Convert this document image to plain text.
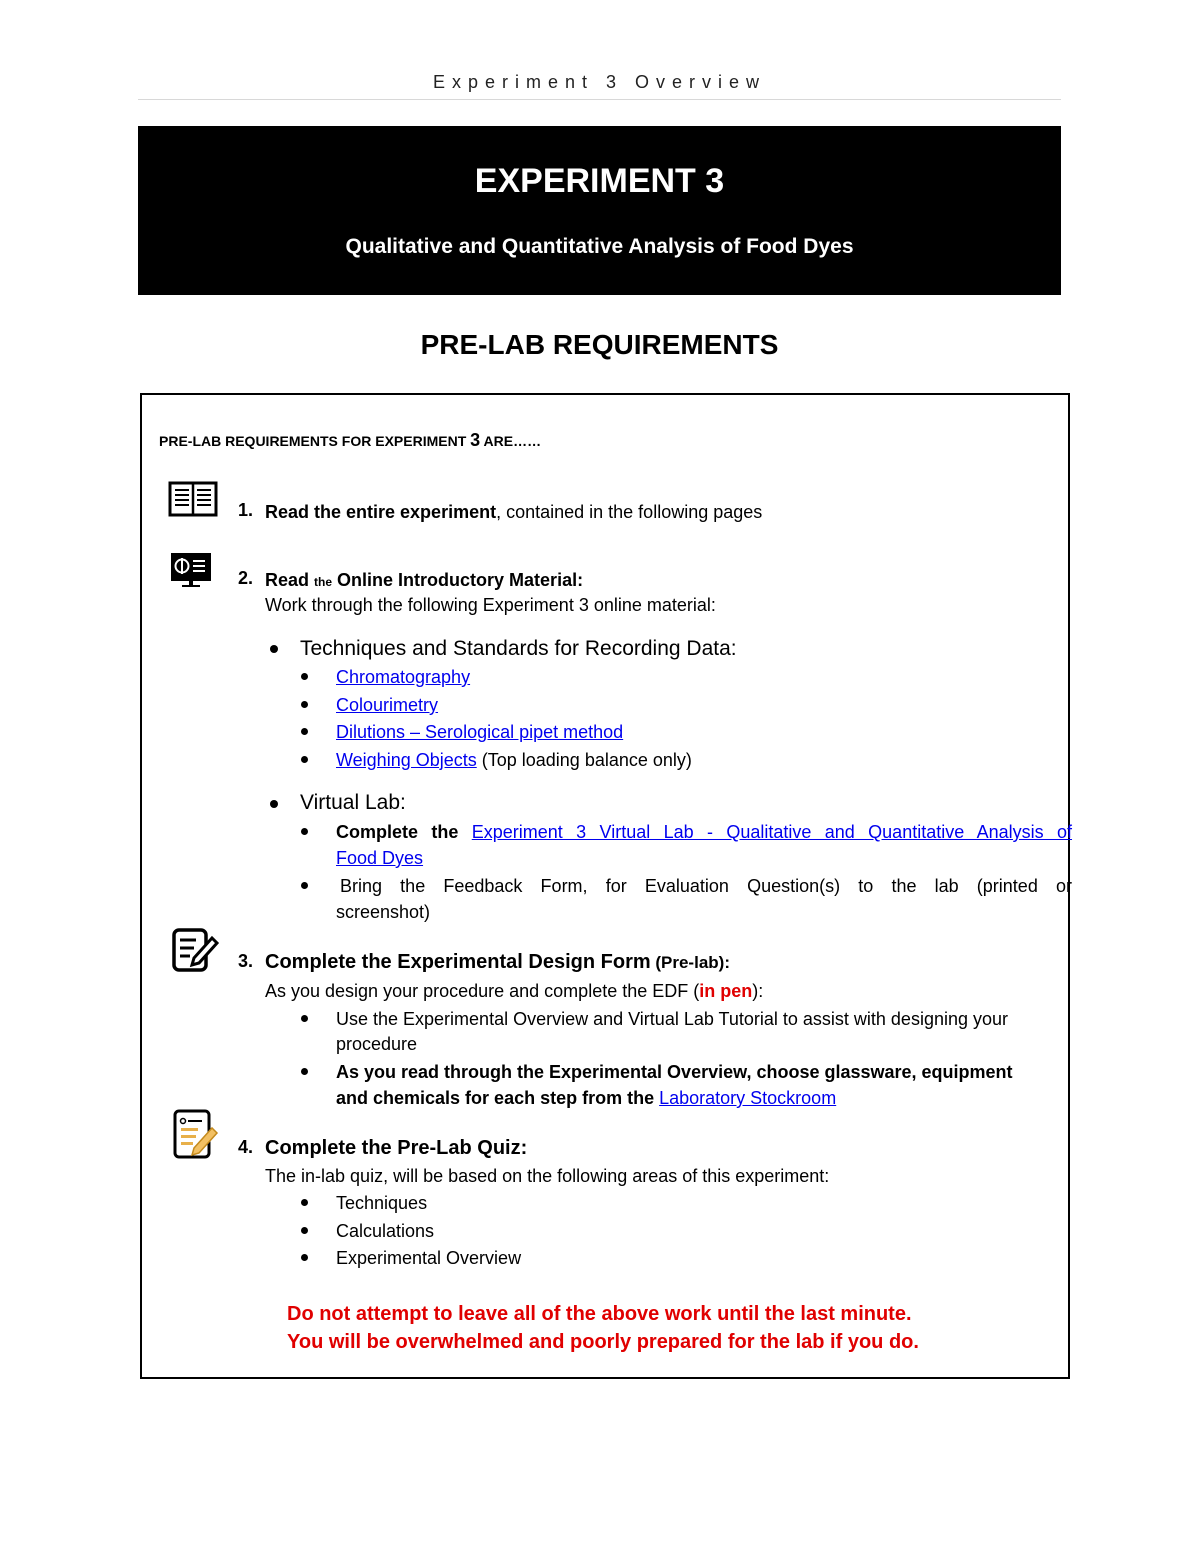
Experiment 3 Overview
EXPERIMENT 3
Qualitative and Quantitative Analysis of Food Dyes
PRE-LAB REQUIREMENTS
PRE-LAB REQUIREMENTS FOR EXPERIMENT 3 ARE……
1. Read the entire experiment, contained in the following pages
2. Read the Online Introductory Material:
Work through the following Experiment 3 online material:
Techniques and Standards for Recording Data:
Chromatography
Colourimetry
Dilutions – Serological pipet method
Weighing Objects (Top loading balance only)
Virtual Lab:
Complete the Experiment 3 Virtual Lab - Qualitative and Quantitative Analysis of
Food Dyes
Bring the Feedback Form, for Evaluation Question(s) to the lab (printed or
screenshot)
3. Complete the Experimental Design Form (Pre-lab):
As you design your procedure and complete the EDF (in pen):
Use the Experimental Overview and Virtual Lab Tutorial to assist with designing your
procedure
As you read through the Experimental Overview, choose glassware, equipment
and chemicals for each step from the Laboratory Stockroom
4. Complete the Pre-Lab Quiz:
The in-lab quiz, will be based on the following areas of this experiment:
Techniques
Calculations
Experimental Overview
Do not attempt to leave all of the above work until the last minute.
You will be overwhelmed and poorly prepared for the lab if you do.
